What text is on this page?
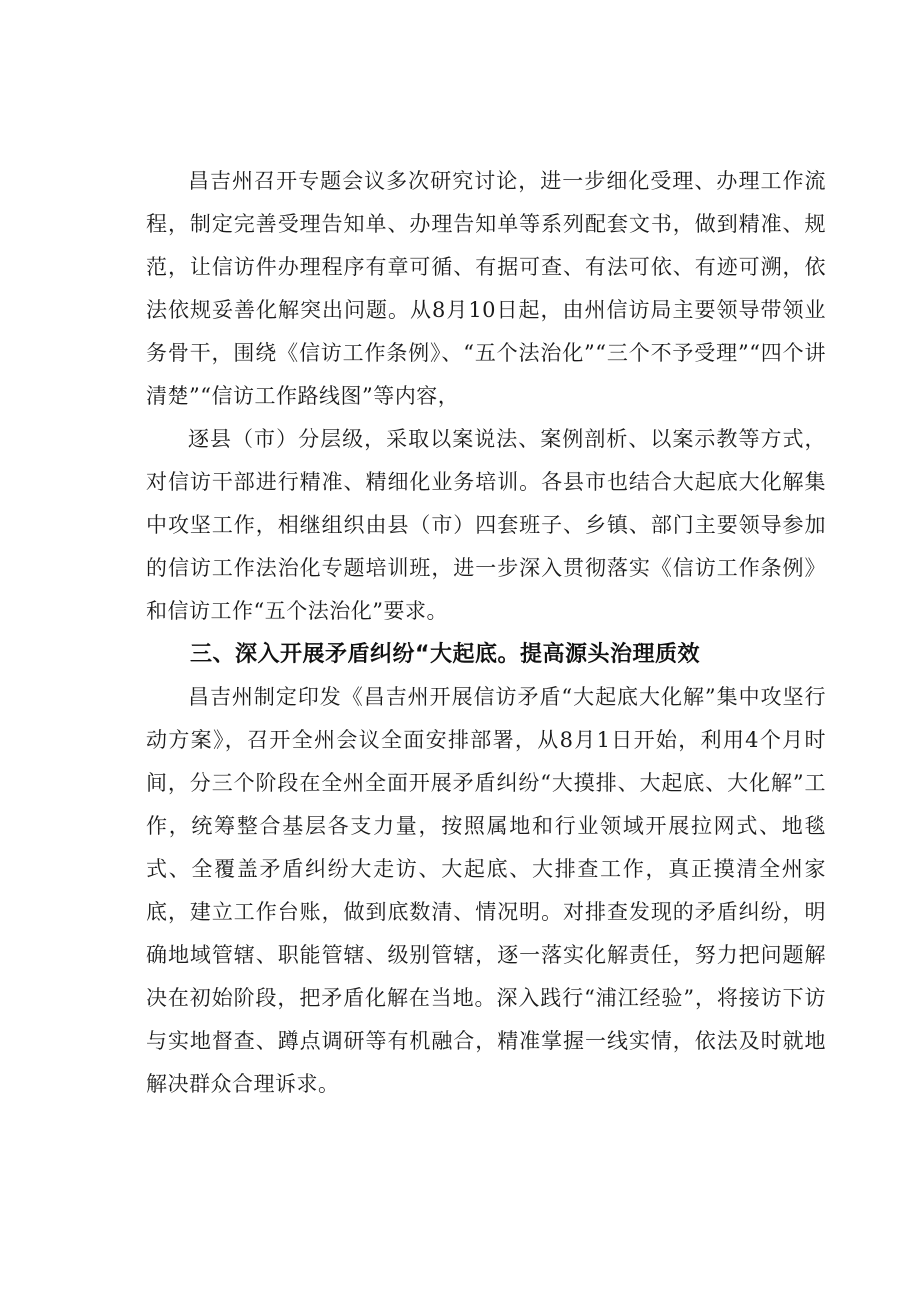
昌吉州召开专题会议多次研究讨论，进一步细化受理、办理工作流程，制定完善受理告知单、办理告知单等系列配套文书，做到精准、规范，让信访件办理程序有章可循、有据可查、有法可依、有迹可溯，依法依规妥善化解突出问题。从8月10日起，由州信访局主要领导带领业务骨干，围绕《信访工作条例》、“五个法治化”“三个不予受理”“四个讲清楚”“信访工作路线图”等内容，

逐县（市）分层级，采取以案说法、案例剖析、以案示教等方式，对信访干部进行精准、精细化业务培训。各县市也结合大起底大化解集中攻坚工作，相继组织由县（市）四套班子、乡镇、部门主要领导参加的信访工作法治化专题培训班，进一步深入贯彻落实《信访工作条例》和信访工作“五个法治化”要求。

三、深入开展矛盾纠纷“大起底。提高源头治理质效

昌吉州制定印发《昌吉州开展信访矛盾“大起底大化解”集中攻坚行动方案》，召开全州会议全面安排部署，从8月1日开始，利用4个月时间，分三个阶段在全州全面开展矛盾纠纷“大摸排、大起底、大化解”工作，统筹整合基层各支力量，按照属地和行业领域开展拉网式、地毯式、全覆盖矛盾纠纷大走访、大起底、大排查工作，真正摸清全州家底，建立工作台账，做到底数清、情况明。对排查发现的矛盾纠纷，明确地域管辖、职能管辖、级别管辖，逐一落实化解责任，努力把问题解决在初始阶段，把矛盾化解在当地。深入践行“浦江经验”，将接访下访与实地督查、蹲点调研等有机融合，精准掌握一线实情，依法及时就地解决群众合理诉求。
